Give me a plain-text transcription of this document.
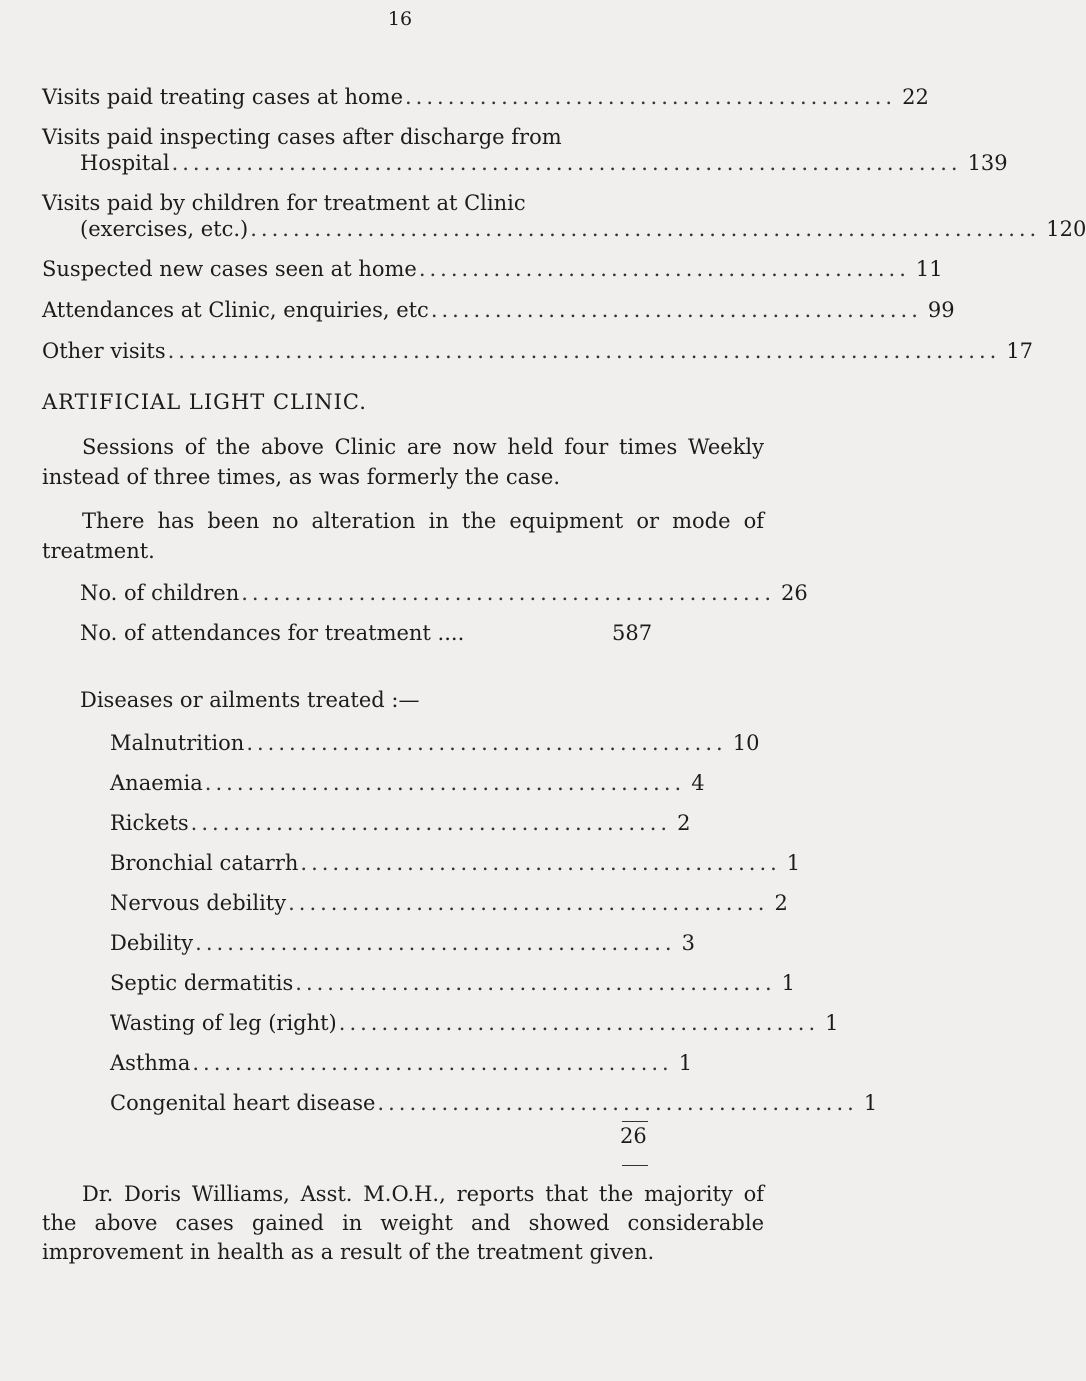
16
Visits paid treating cases at home .............................................. 22
Visits paid inspecting cases after discharge from
Hospital .......................................................................... 139
Visits paid by children for treatment at Clinic
(exercises, etc.) .......................................................................... 120
Suspected new cases seen at home .............................................. 11
Attendances at Clinic, enquiries, etc .............................................. 99
Other visits .............................................................................. 17
ARTIFICIAL LIGHT CLINIC.
Sessions of the above Clinic are now held four times Weekly instead of three times, as was formerly the case.
There has been no alteration in the equipment or mode of treatment.
No. of children .................................................. 26
No. of attendances for treatment ....	587
Diseases or ailments treated :—
Malnutrition ............................................. 10
Anaemia ............................................. 4
Rickets ............................................. 2
Bronchial catarrh ............................................. 1
Nervous debility ............................................. 2
Debility ............................................. 3
Septic dermatitis ............................................. 1
Wasting of leg (right) ............................................. 1
Asthma ............................................. 1
Congenital heart disease ............................................. 1
26
Dr. Doris Williams, Asst. M.O.H., reports that the majority of the above cases gained in weight and showed considerable improvement in health as a result of the treatment given.
